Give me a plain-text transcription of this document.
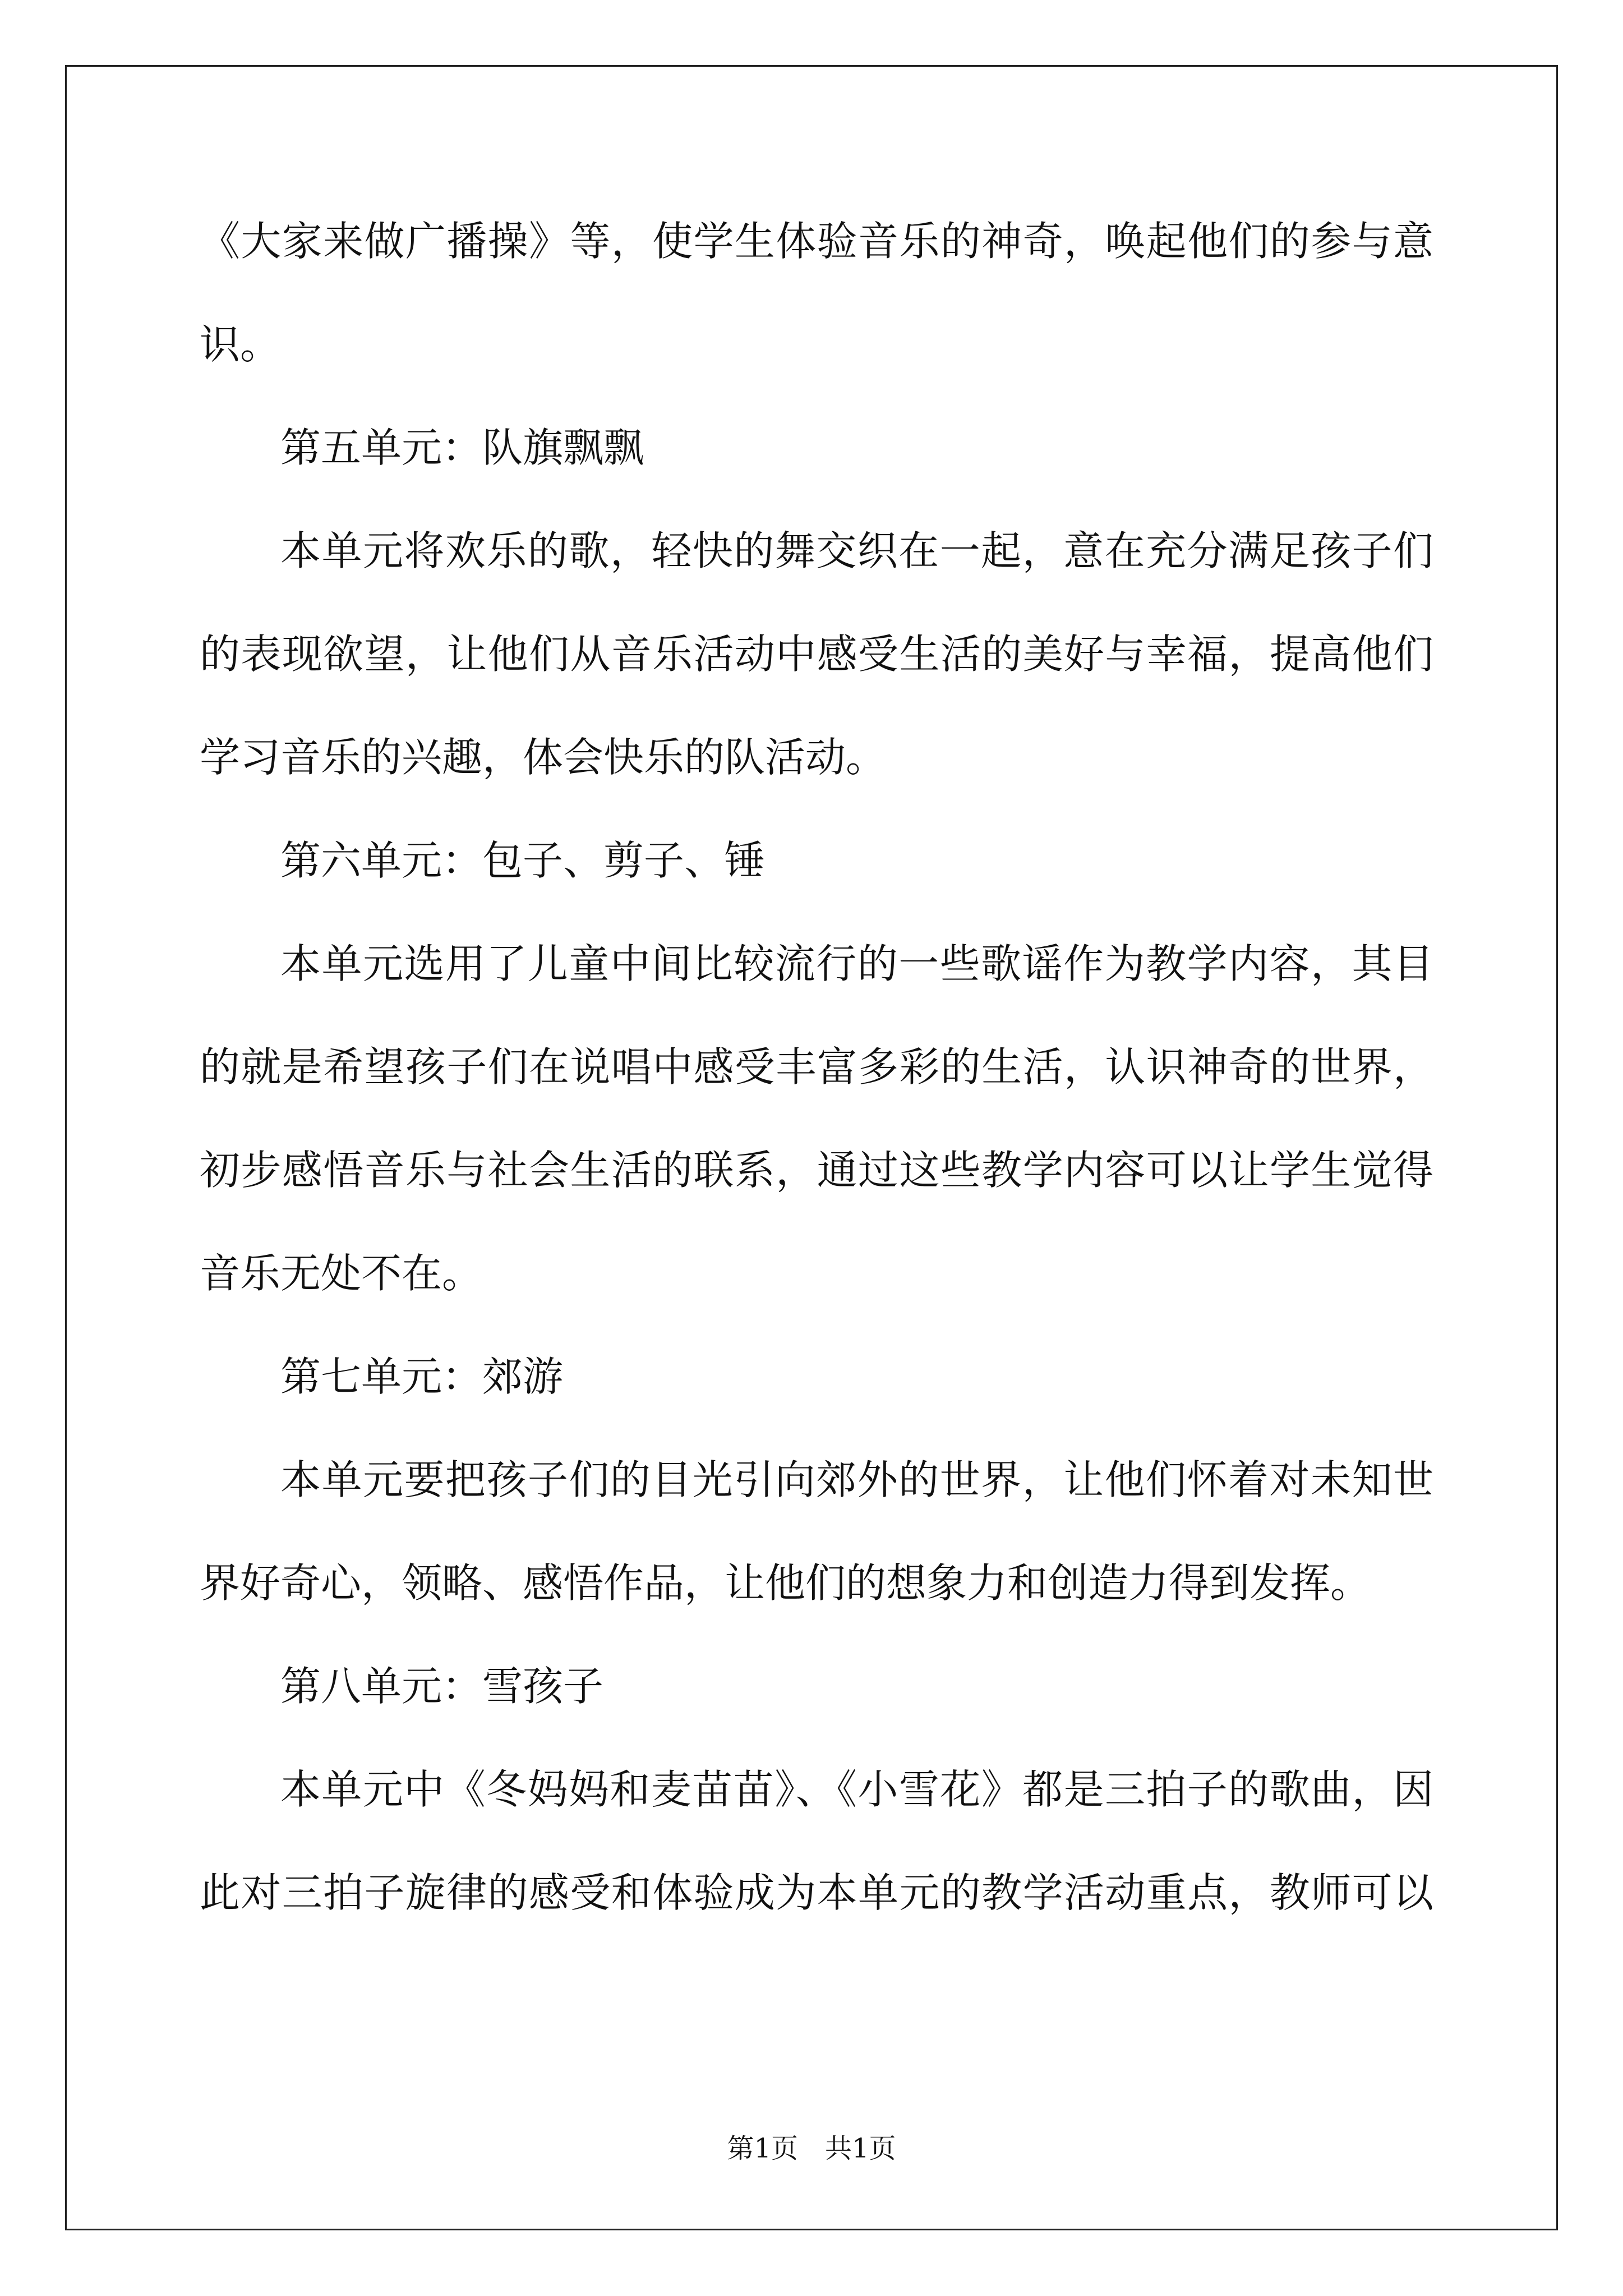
《大家来做广播操》等，使学生体验音乐的神奇，唤起他们的参与意

识。

第五单元：队旗飘飘

本单元将欢乐的歌，轻快的舞交织在一起，意在充分满足孩子们

的表现欲望，让他们从音乐活动中感受生活的美好与幸福，提高他们

学习音乐的兴趣，体会快乐的队活动。

第六单元：包子、剪子、锤

本单元选用了儿童中间比较流行的一些歌谣作为教学内容，其目

的就是希望孩子们在说唱中感受丰富多彩的生活，认识神奇的世界，

初步感悟音乐与社会生活的联系，通过这些教学内容可以让学生觉得

音乐无处不在。

第七单元：郊游

本单元要把孩子们的目光引向郊外的世界，让他们怀着对未知世

界好奇心，领略、感悟作品，让他们的想象力和创造力得到发挥。

第八单元：雪孩子

本单元中《冬妈妈和麦苗苗》、《小雪花》都是三拍子的歌曲，因

此对三拍子旋律的感受和体验成为本单元的教学活动重点，教师可以

第1页　共1页
